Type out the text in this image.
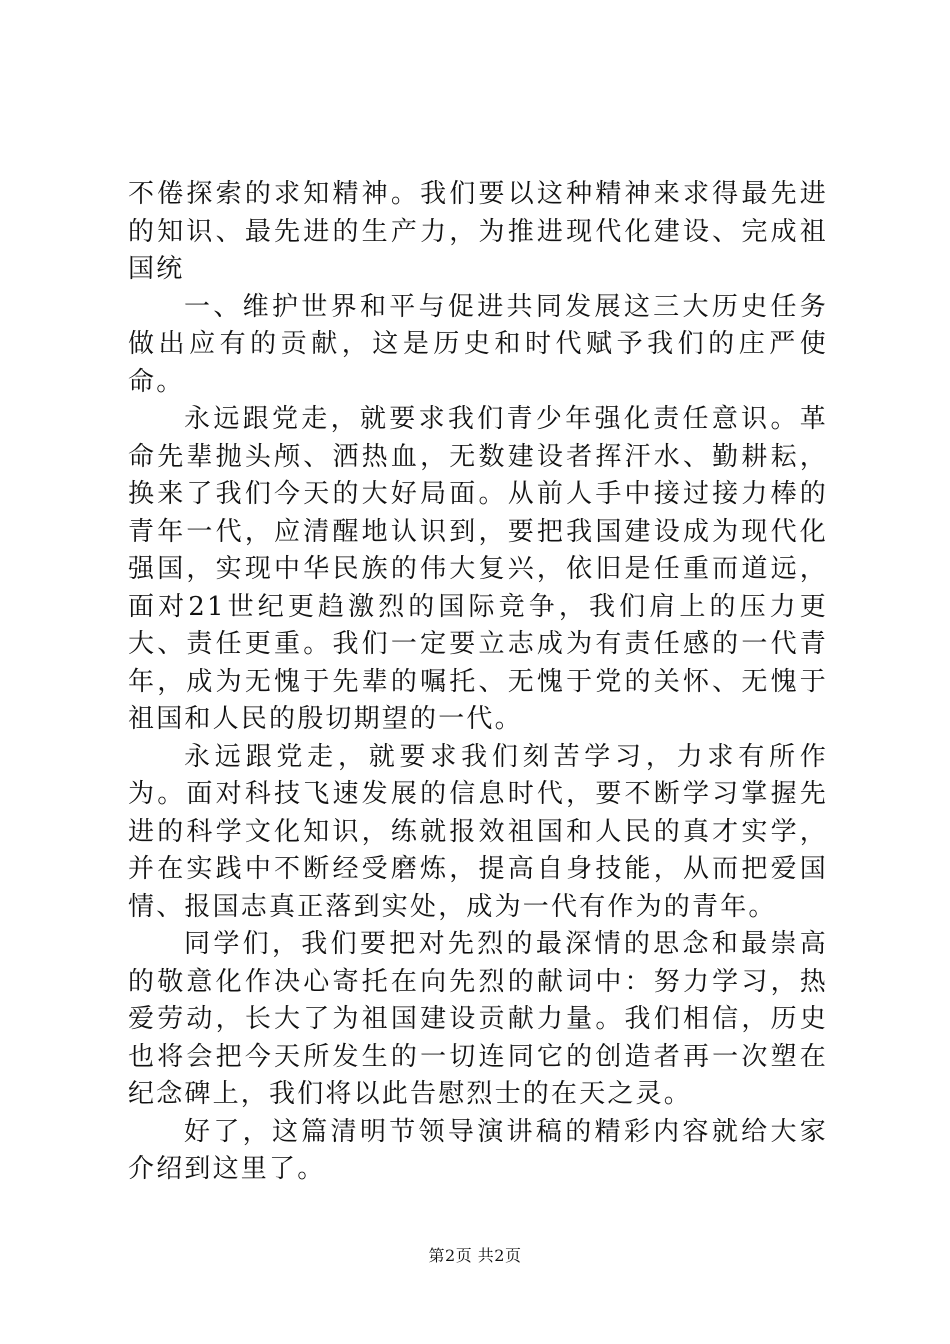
不倦探索的求知精神。我们要以这种精神来求得最先进的知识、最先进的生产力，为推进现代化建设、完成祖国统

一、维护世界和平与促进共同发展这三大历史任务做出应有的贡献，这是历史和时代赋予我们的庄严使命。

永远跟党走，就要求我们青少年强化责任意识。革命先辈抛头颅、洒热血，无数建设者挥汗水、勤耕耘，换来了我们今天的大好局面。从前人手中接过接力棒的青年一代，应清醒地认识到，要把我国建设成为现代化强国，实现中华民族的伟大复兴，依旧是任重而道远，面对21世纪更趋激烈的国际竞争，我们肩上的压力更大、责任更重。我们一定要立志成为有责任感的一代青年，成为无愧于先辈的嘱托、无愧于党的关怀、无愧于祖国和人民的殷切期望的一代。

永远跟党走，就要求我们刻苦学习，力求有所作为。面对科技飞速发展的信息时代，要不断学习掌握先进的科学文化知识，练就报效祖国和人民的真才实学，并在实践中不断经受磨炼，提高自身技能，从而把爱国情、报国志真正落到实处，成为一代有作为的青年。

同学们，我们要把对先烈的最深情的思念和最崇高的敬意化作决心寄托在向先烈的献词中：努力学习，热爱劳动，长大了为祖国建设贡献力量。我们相信，历史也将会把今天所发生的一切连同它的创造者再一次塑在纪念碑上，我们将以此告慰烈士的在天之灵。

好了，这篇清明节领导演讲稿的精彩内容就给大家介绍到这里了。

第2页 共2页
